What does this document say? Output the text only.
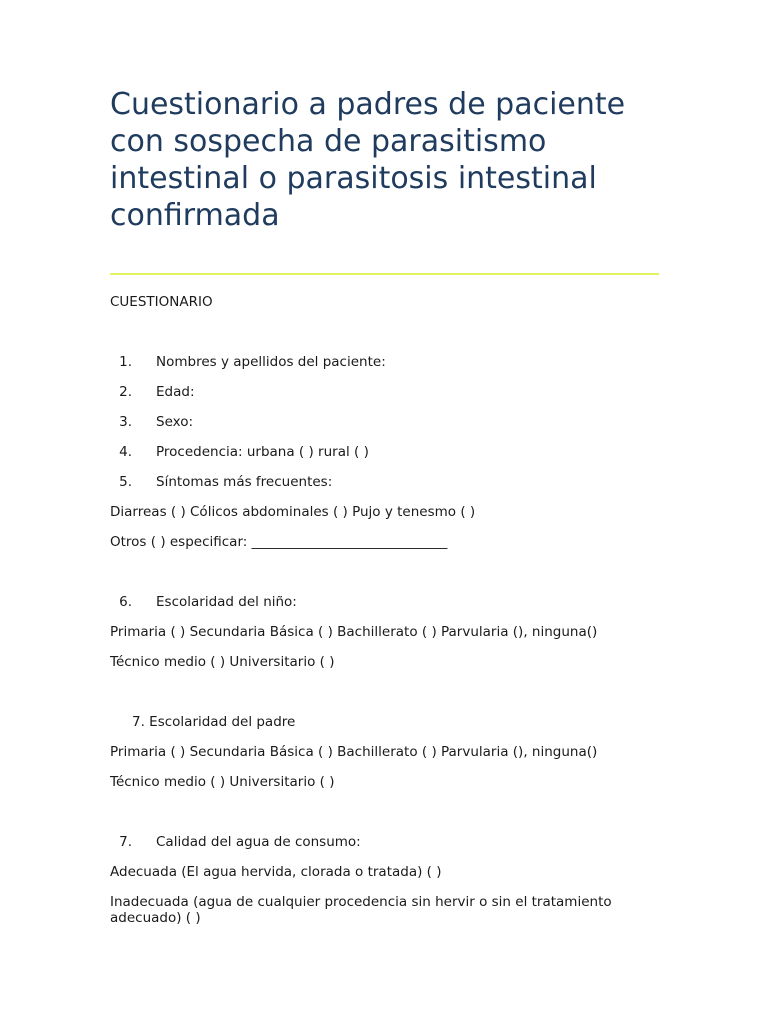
Cuestionario a padres de paciente con sospecha de parasitismo intestinal o parasitosis intestinal confirmada
CUESTIONARIO
1. Nombres y apellidos del paciente:
2. Edad:
3. Sexo:
4. Procedencia: urbana ( ) rural ( )
5. Síntomas más frecuentes:
Diarreas ( ) Cólicos abdominales ( ) Pujo y tenesmo ( )
Otros ( ) especificar: _____________________________
6. Escolaridad del niño:
Primaria ( ) Secundaria Básica ( ) Bachillerato ( ) Parvularia (), ninguna()
Técnico medio ( ) Universitario ( )
7. Escolaridad del padre
Primaria ( ) Secundaria Básica ( ) Bachillerato ( ) Parvularia (), ninguna()
Técnico medio ( ) Universitario ( )
7. Calidad del agua de consumo:
Adecuada (El agua hervida, clorada o tratada) ( )
Inadecuada (agua de cualquier procedencia sin hervir o sin el tratamiento adecuado) ( )
